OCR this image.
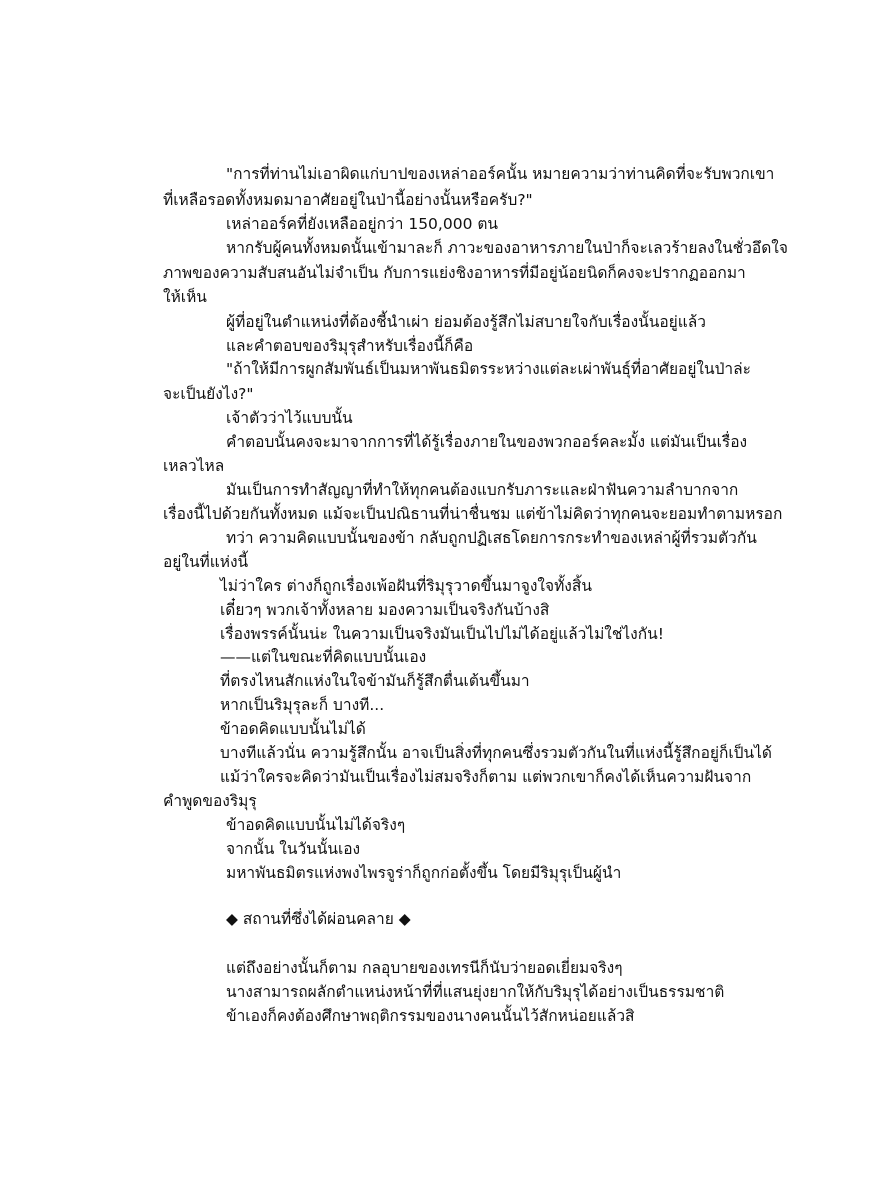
"การที่ท่านไม่เอาผิดแก่บาปของเหล่าออร์คนั้น หมายความว่าท่านคิดที่จะรับพวกเขา

ที่เหลือรอดทั้งหมดมาอาศัยอยู่ในป่านี้อย่างนั้นหรือครับ?"

เหล่าออร์คที่ยังเหลืออยู่กว่า 150,000 ตน

หากรับผู้คนทั้งหมดนั้นเข้ามาละก็ ภาวะของอาหารภายในป่าก็จะเลวร้ายลงในชั่วอึดใจ

ภาพของความสับสนอันไม่จำเป็น กับการแย่งชิงอาหารที่มีอยู่น้อยนิดก็คงจะปรากฏออกมา

ให้เห็น

ผู้ที่อยู่ในตำแหน่งที่ต้องชี้นำเผ่า ย่อมต้องรู้สึกไม่สบายใจกับเรื่องนั้นอยู่แล้ว

และคำตอบของริมุรุสำหรับเรื่องนี้ก็คือ

"ถ้าให้มีการผูกสัมพันธ์เป็นมหาพันธมิตรระหว่างแต่ละเผ่าพันธุ์ที่อาศัยอยู่ในป่าล่ะ

จะเป็นยังไง?"

เจ้าตัวว่าไว้แบบนั้น

คำตอบนั้นคงจะมาจากการที่ได้รู้เรื่องภายในของพวกออร์คละมั้ง แต่มันเป็นเรื่อง

เหลวไหล

มันเป็นการทำสัญญาที่ทำให้ทุกคนต้องแบกรับภาระและฝ่าฟันความลำบากจาก

เรื่องนี้ไปด้วยกันทั้งหมด แม้จะเป็นปณิธานที่น่าชื่นชม แต่ข้าไม่คิดว่าทุกคนจะยอมทำตามหรอก

ทว่า ความคิดแบบนั้นของข้า กลับถูกปฏิเสธโดยการกระทำของเหล่าผู้ที่รวมตัวกัน

อยู่ในที่แห่งนี้

ไม่ว่าใคร ต่างก็ถูกเรื่องเพ้อฝันที่ริมุรุวาดขึ้นมาจูงใจทั้งสิ้น

เดี๋ยวๆ พวกเจ้าทั้งหลาย มองความเป็นจริงกันบ้างสิ

เรื่องพรรค์นั้นน่ะ ในความเป็นจริงมันเป็นไปไม่ได้อยู่แล้วไม่ใช่ไงกัน!

——แต่ในขณะที่คิดแบบนั้นเอง

ที่ตรงไหนสักแห่งในใจข้ามันก็รู้สึกตื่นเต้นขึ้นมา

หากเป็นริมุรุละก็ บางที...

ข้าอดคิดแบบนั้นไม่ได้

บางทีแล้วนั่น ความรู้สึกนั้น อาจเป็นสิ่งที่ทุกคนซึ่งรวมตัวกันในที่แห่งนี้รู้สึกอยู่ก็เป็นได้

แม้ว่าใครจะคิดว่ามันเป็นเรื่องไม่สมจริงก็ตาม แต่พวกเขาก็คงได้เห็นความฝันจาก

คำพูดของริมุรุ

ข้าอดคิดแบบนั้นไม่ได้จริงๆ

จากนั้น ในวันนั้นเอง

มหาพันธมิตรแห่งพงไพรจูร่าก็ถูกก่อตั้งขึ้น โดยมีริมุรุเป็นผู้นำ

◆ สถานที่ซึ่งได้ผ่อนคลาย ◆

แต่ถึงอย่างนั้นก็ตาม กลอุบายของเทรนีก็นับว่ายอดเยี่ยมจริงๆ

นางสามารถผลักตำแหน่งหน้าที่ที่แสนยุ่งยากให้กับริมุรุได้อย่างเป็นธรรมชาติ

ข้าเองก็คงต้องศึกษาพฤติกรรมของนางคนนั้นไว้สักหน่อยแล้วสิ
